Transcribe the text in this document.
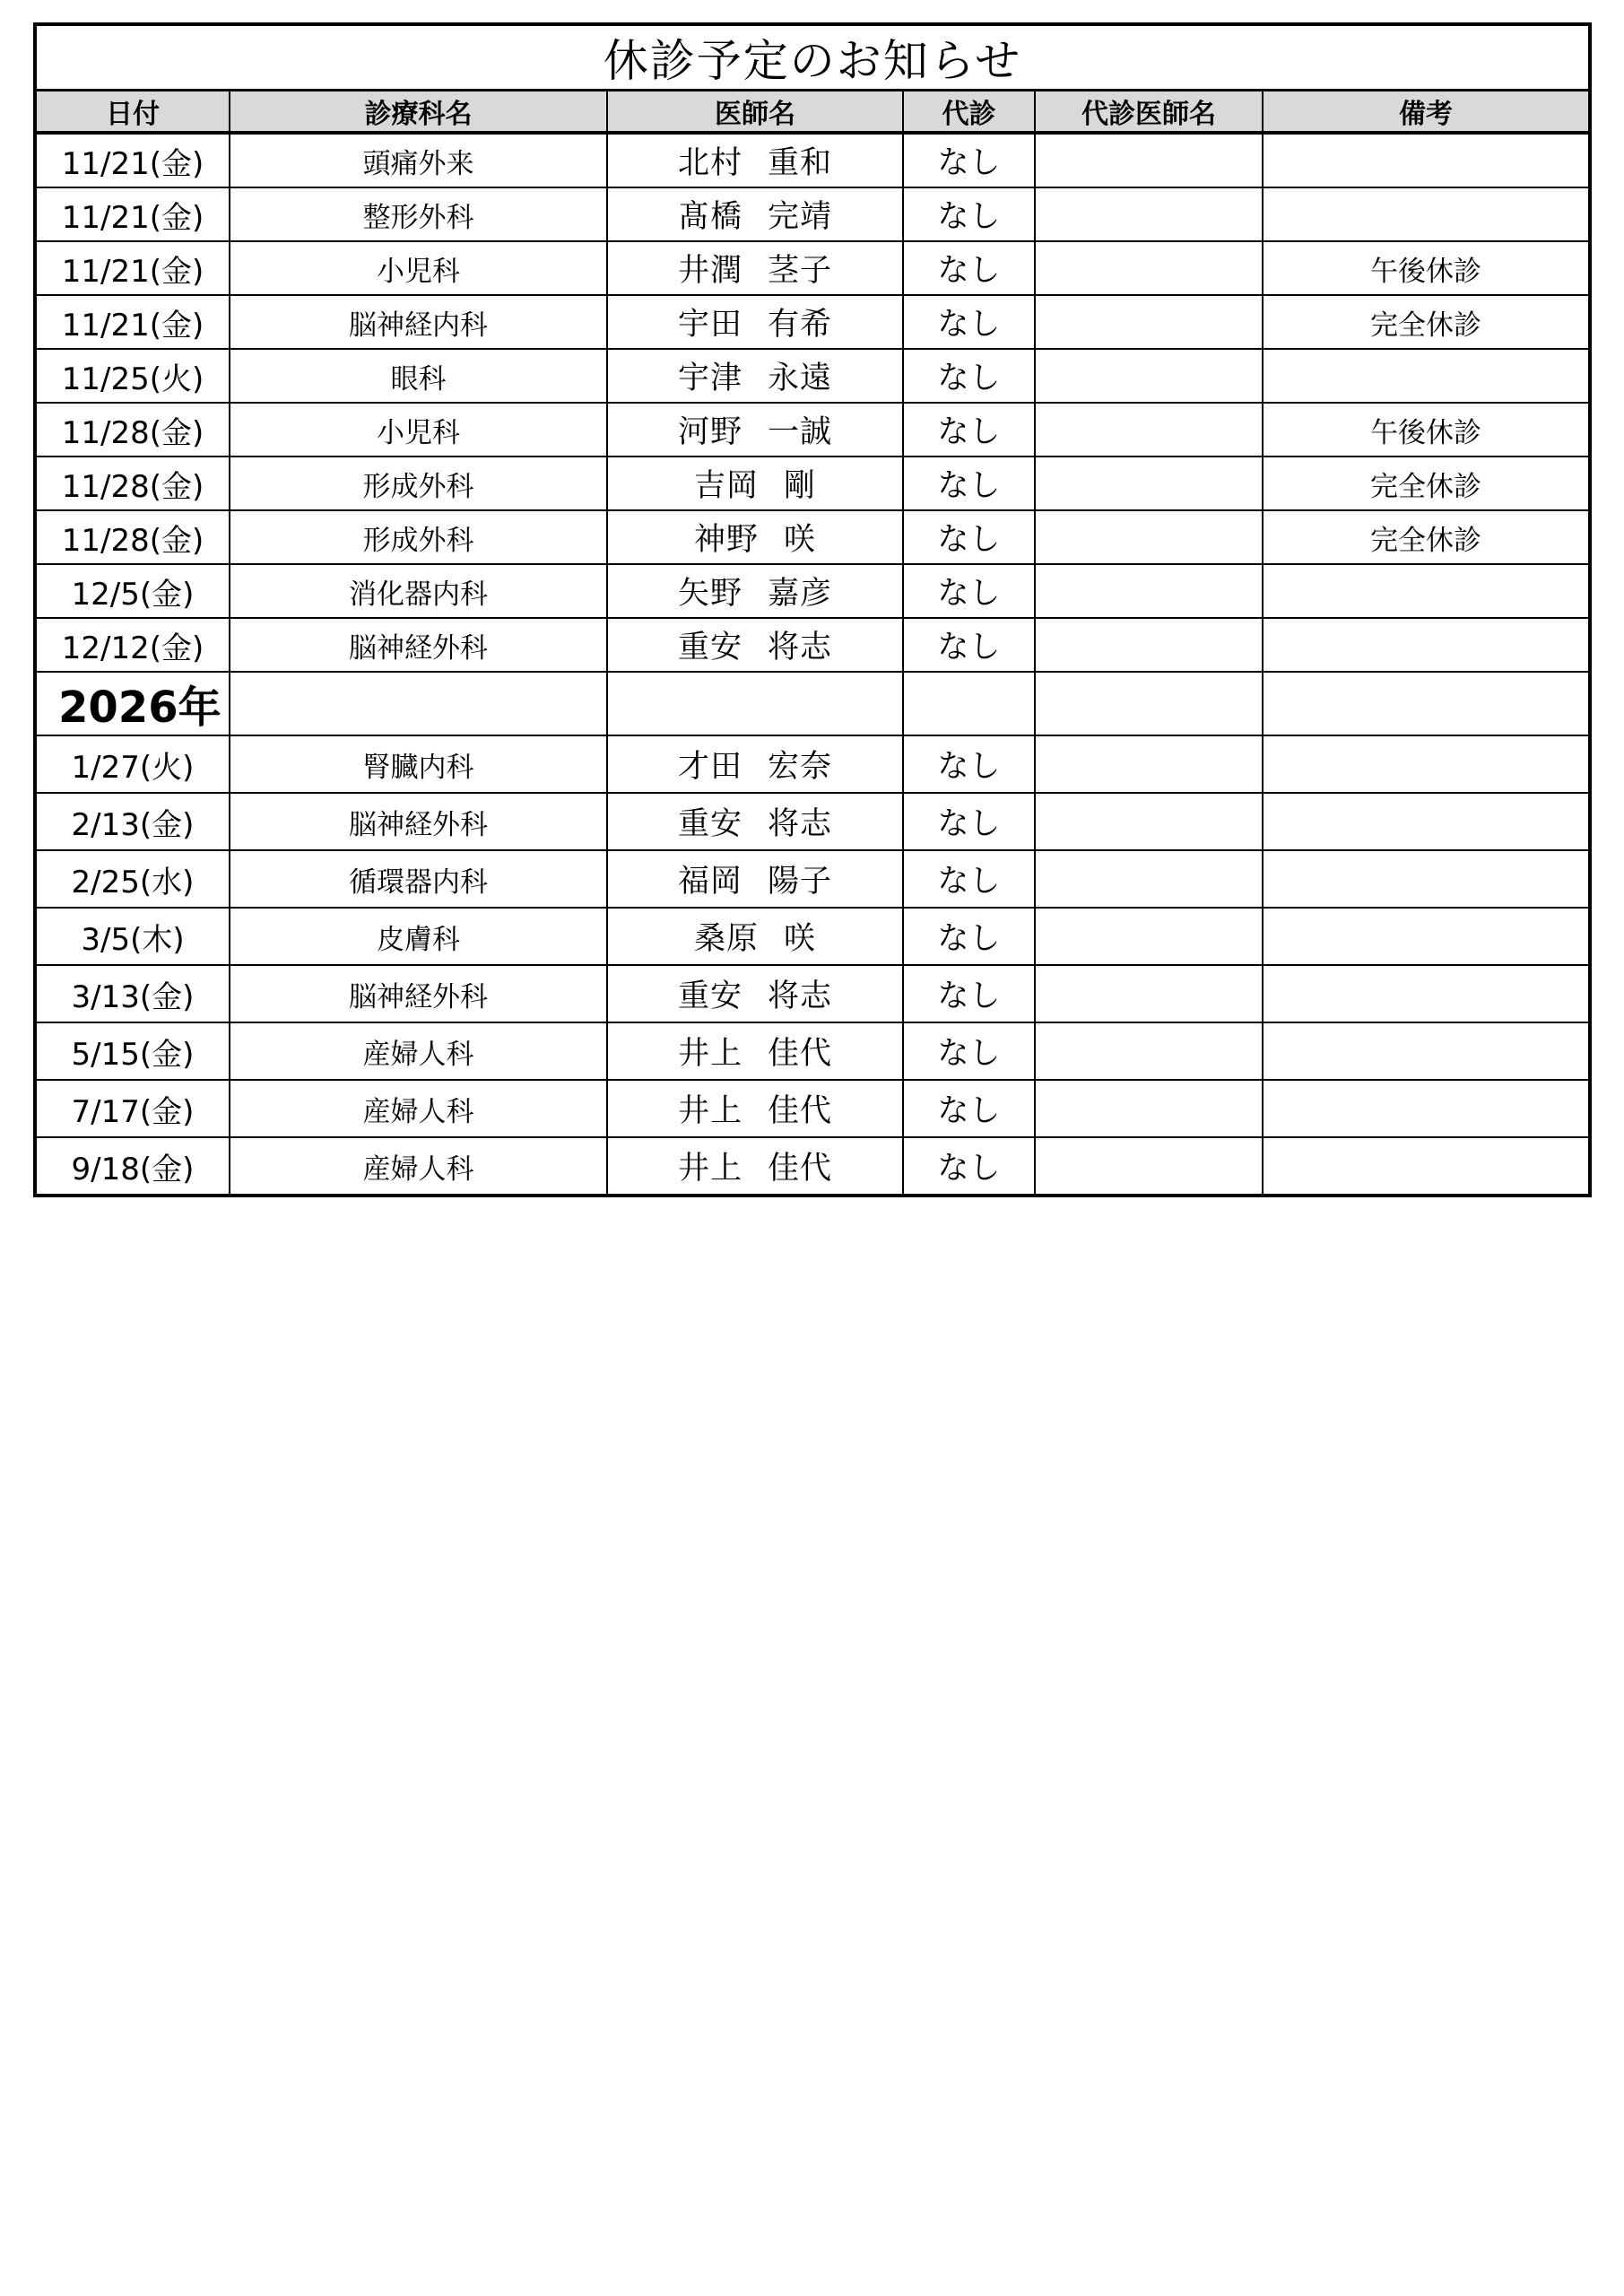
休診予定のお知らせ
日付	診療科名	医師名	代診	代診医師名	備考
11/21(金)	頭痛外来	北村 重和	なし		
11/21(金)	整形外科	髙橋 完靖	なし		
11/21(金)	小児科	井潤 茎子	なし		午後休診
11/21(金)	脳神経内科	宇田 有希	なし		完全休診
11/25(火)	眼科	宇津 永遠	なし		
11/28(金)	小児科	河野 一誠	なし		午後休診
11/28(金)	形成外科	吉岡 剛	なし		完全休診
11/28(金)	形成外科	神野 咲	なし		完全休診
12/5(金)	消化器内科	矢野 嘉彦	なし		
12/12(金)	脳神経外科	重安 将志	なし		
2026年					
1/27(火)	腎臓内科	才田 宏奈	なし		
2/13(金)	脳神経外科	重安 将志	なし		
2/25(水)	循環器内科	福岡 陽子	なし		
3/5(木)	皮膚科	桑原 咲	なし		
3/13(金)	脳神経外科	重安 将志	なし		
5/15(金)	産婦人科	井上 佳代	なし		
7/17(金)	産婦人科	井上 佳代	なし		
9/18(金)	産婦人科	井上 佳代	なし		
